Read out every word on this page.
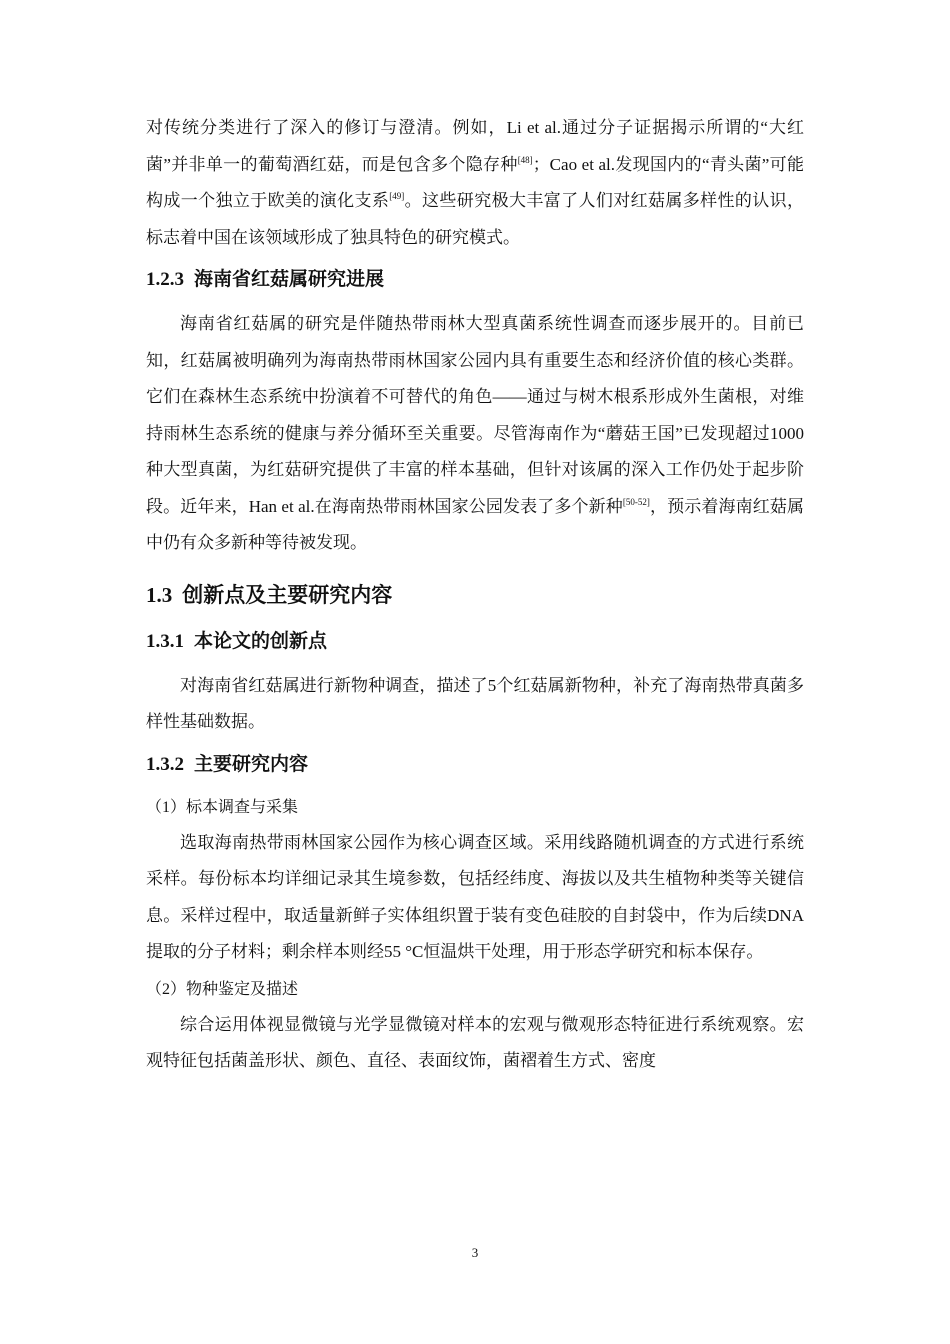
对传统分类进行了深入的修订与澄清。例如，Li et al.通过分子证据揭示所谓的“大红菌”并非单一的葡萄酒红菇，而是包含多个隐存种[48]；Cao et al.发现国内的“青头菌”可能构成一个独立于欧美的演化支系[49]。这些研究极大丰富了人们对红菇属多样性的认识，标志着中国在该领域形成了独具特色的研究模式。

1.2.3 海南省红菇属研究进展

海南省红菇属的研究是伴随热带雨林大型真菌系统性调查而逐步展开的。目前已知，红菇属被明确列为海南热带雨林国家公园内具有重要生态和经济价值的核心类群。它们在森林生态系统中扮演着不可替代的角色——通过与树木根系形成外生菌根，对维持雨林生态系统的健康与养分循环至关重要。尽管海南作为“蘑菇王国”已发现超过1000种大型真菌，为红菇研究提供了丰富的样本基础，但针对该属的深入工作仍处于起步阶段。近年来，Han et al.在海南热带雨林国家公园发表了多个新种[50-52]，预示着海南红菇属中仍有众多新种等待被发现。

1.3 创新点及主要研究内容
1.3.1 本论文的创新点

对海南省红菇属进行新物种调查，描述了5个红菇属新物种，补充了海南热带真菌多样性基础数据。

1.3.2 主要研究内容

（1）标本调查与采集

选取海南热带雨林国家公园作为核心调查区域。采用线路随机调查的方式进行系统采样。每份标本均详细记录其生境参数，包括经纬度、海拔以及共生植物种类等关键信息。采样过程中，取适量新鲜子实体组织置于装有变色硅胶的自封袋中，作为后续DNA提取的分子材料；剩余样本则经55 °C恒温烘干处理，用于形态学研究和标本保存。

（2）物种鉴定及描述

综合运用体视显微镜与光学显微镜对样本的宏观与微观形态特征进行系统观察。宏观特征包括菌盖形状、颜色、直径、表面纹饰，菌褶着生方式、密度

3
